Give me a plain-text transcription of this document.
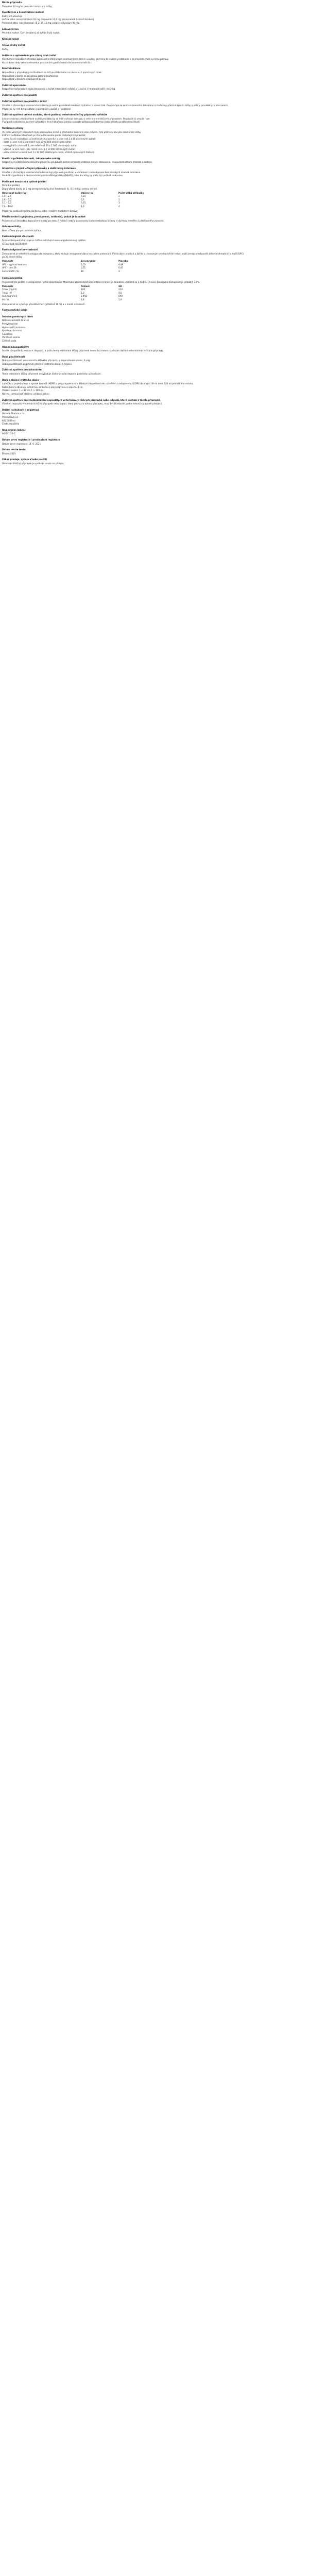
Název přípravku
Zeneplex 10 mg/ml perorální roztok pro kočky
Kvalitativní a kvantitativní složení
Každý ml obsahuje:
Léčivá látka: zenepramidum 10 mg (odpovídá 11,4 mg zenepramidi hydrochloridum)
Pomocné látky: natrii benzoas (E 211) 1,5 mg, propylenglycolum 80 mg
Léková forma
Perorální roztok. Čirý, bezbarvý až světle žlutý roztok.
Klinické údaje
Cílové druhy zvířat
Kočky.
Indikace s upřesněním pro cílový druh zvířat
Ke zmírnění klinických příznaků spojených s chronickým onemocněním ledvin u koček, zejména ke snížení proteinurie a ke zlepšení chuti k příjmu potravy.
Ke zkrácení doby rekonvalescence po akutních gastrointestinálních onemocněních.
Kontraindikace
Nepoužívat v případech přecitlivělosti na léčivou látku nebo na některou z pomocných látek.
Nepoužívat u koček se závažnou jaterní insuficiencí.
Nepoužívat u březích a laktujících koček.
Zvláštní upozornění
Bezpečnost přípravku nebyla stanovena u koček mladších 6 měsíců a u koček s hmotností nižší než 2 kg.
Zvláštní opatření pro použití
Zvláštní opatření pro použití u zvířat
U koček s chronickým onemocněním ledvin je nutné pravidelně sledovat hydrataci a krevní tlak. Doporučuje se kontrola sérového kreatininu a močoviny před zahájením léčby a poté v pravidelných intervalech.
Přípravek by měl být používán s opatrností u koček s hypotenzí.
Zvláštní opatření určené osobám, které podávají veterinární léčivý přípravek zvířatům
Lidé se známou přecitlivělostí na léčivou látku by se měli vyhnout kontaktu s veterinárním léčivým přípravkem. Po použití si umyjte ruce.
V případě náhodného pozření vyhledejte ihned lékařskou pomoc a ukažte příbalovou informaci nebo etiketu praktickému lékaři.
Nežádoucí účinky
Ve velmi vzácných případech bylo pozorováno mírné a přechodné zvracení nebo průjem. Tyto příznaky obvykle odezní bez léčby.
Četnost nežádoucích účinků je charakterizována podle následujících pravidel:
- velmi časté (nežádoucí účinek(nky) se projevil(y) u více než 1 z 10 ošetřených zvířat)
- časté (u více než 1, ale méně než 10 ze 100 ošetřených zvířat)
- neobvyklé (u více než 1, ale méně než 10 z 1 000 ošetřených zvířat)
- vzácné (u více než 1, ale méně než 10 z 10 000 ošetřených zvířat)
- velmi vzácné (u méně než 1 z 10 000 ošetřených zvířat, včetně ojedinělých hlášení)
Použití v průběhu březosti, laktace nebo snášky
Bezpečnost veterinárního léčivého přípravku pro použití během březosti a laktace nebyla stanovena. Nepoužívat během březosti a laktace.
Interakce s jinými léčivými přípravky a další formy interakce
U koček s chronickým onemocněním ledvin byl přípravek používán v kombinaci s amlodipinem bez klinických známek interakce.
Souběžné podávání s nesteroidními protizánětlivými léky (NSAID) nebo diuretiky by mělo být pečlivě sledováno.
Podávané množství a způsob podání
Perorální podání.
Doporučená dávka je 1 mg zenepramidu/kg živé hmotnosti (tj. 0,1 ml/kg) jednou denně.
Hmotnost kočky (kg)	Objem (ml)	Počet dílků stříkačky
2,0 – 2,5	0,25	1
2,6 – 5,0	0,5	2
5,1 – 7,5	0,75	3
7,6 – 10,0	1,0	4
Přípravek podávejte přímo do tlamy nebo s malým množstvím krmiva.
Předávkování (symptomy, první pomoc, antidota), pokud je to nutné
Po podání až 5násobku doporučené dávky po dobu 6 měsíců nebyly pozorovány žádné nežádoucí účinky s výjimkou mírného a přechodného zvracení.
Ochranné lhůty
Není určeno pro potravinová zvířata.
Farmakologické vlastnosti
Farmakoterapeutická skupina: Léčiva ovlivňující renin-angiotensinový systém.
ATCvet kód: QC09XX99
Farmakodynamické vlastnosti
Zenepramid je selektivní antagonista receptoru, který snižuje intraglomerulární tlak a tím proteinurii. V klinických studiích u koček s chronickým onemocněním ledvin snížil zenepramid poměr bílkoviny/kreatinin v moči (UPC) po 28 dnech léčby.
Parametr	Zenepramid	Placebo
UPC – výchozí hodnota	0,52	0,49
UPC – den 28	0,31	0,47
Snížení UPC (%)	40	4
Farmakokinetika
Po perorálním podání je zenepramid rychle absorbován. Maximální plazmatické koncentrace (Cmax) je dosaženo přibližně za 1 hodinu (Tmax). Biologická dostupnost je přibližně 33 %.
Parametr	Průměr	SD
Cmax (ng/ml)	820	210
Tmax (h)	1,0	0,5
AUC (ng·h/ml)	3 450	690
t½ (h)	6,8	1,9
Zenepramid se vylučuje převážně žlučí (přibližně 70 %) a v menší míře močí.
Farmaceutické údaje
Seznam pomocných látek
Natrium-benzoát (E 211)
Propylenglykol
Hydroxyethylcelulosa
Kyselina citronová
Sukralosa
Vanilkové aroma
Čištěná voda
Hlavní inkompatibility
Studie kompatibility nejsou k dispozici, a proto tento veterinární léčivý přípravek nesmí být mísen s žádnými dalšími veterinárními léčivými přípravky.
Doba použitelnosti
Doba použitelnosti veterinárního léčivého přípravku v neporušeném obalu: 3 roky.
Doba použitelnosti po prvním otevření vnitřního obalu: 6 měsíců.
Zvláštní opatření pro uchovávání
Tento veterinární léčivý přípravek nevyžaduje žádné zvláštní teplotní podmínky uchovávání.
Druh a složení vnitřního obalu
Lahvička z polyethylenu o vysoké hustotě (HDPE) s polypropylenovým dětským bezpečnostním uzávěrem a adaptérem z LDPE obsahující 30 ml nebo 100 ml perorálního roztoku.
Každé balení obsahuje odměrnou stříkačku z polypropylenu o objemu 1 ml.
Velikost balení: 1 × 30 ml, 1 × 100 ml.
Na trhu nemusí být všechny velikosti balení.
Zvláštní opatření pro zneškodňování nepoužitých veterinárních léčivých přípravků nebo odpadů, které pochází z těchto přípravků
Všechen nepoužitý veterinární léčivý přípravek nebo odpad, který pochází z tohoto přípravku, musí být likvidován podle místních právních předpisů.
Držitel rozhodnutí o registraci
Vetrona Pharma s.r.o.
Průmyslová 12
602 00 Brno
Česká republika
Registrační číslo(a)
96/041/21-C
Datum první registrace / prodloužení registrace
Datum první registrace: 14. 6. 2021
Datum revize textu
Březen 2024
Zákaz prodeje, výdeje a/nebo použití
Veterinární léčivý přípravek je vydáván pouze na předpis.
